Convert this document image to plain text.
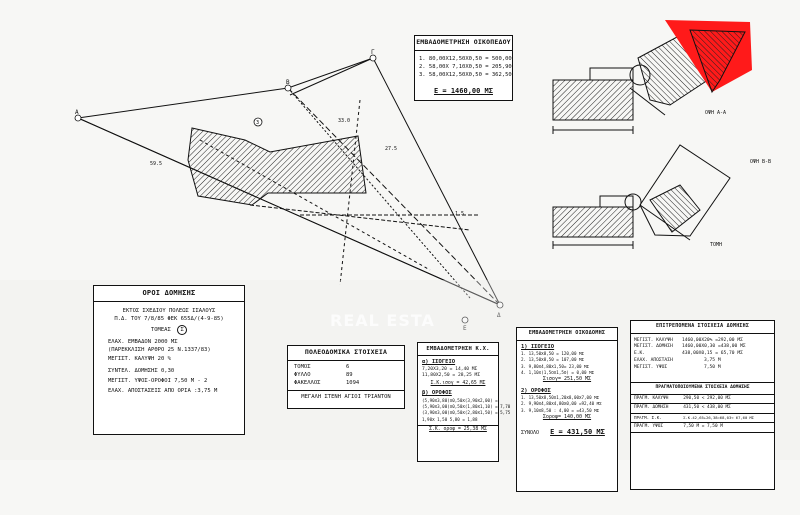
ΟΨΗ Α-Α
ΟΨΗ Β-Β
ΤΟΜΗ
Α
Β
Γ
Δ
Ε
59.5
33.0
27.5
1.5
3
REAL ESTA
ΕΜΒΑΔΟΜΕΤΡΗΣΗ ΟΙΚΟΠΕΔΟΥ
1. 80,00Χ12,50Χ0,50 = 500,00
2. 58,00Χ 7,10Χ0,50 = 205,90
3. 58,00Χ12,50Χ0,50 = 362,50
Ε = 1460,00 ΜΣ
ΟΡΟΙ ΔΟΜΗΣΗΣ
ΕΚΤΟΣ ΣΧΕΔΙΟΥ ΠΟΛΕΩΣ ΙΣΑΛΟΥΣ
Π.Δ. ΤΟΥ 7/8/85 ΦΕΚ 655Δ/(4-9-85)
ΤΟΜΕΑΣ Σ
ΕΛΑΧ. ΕΜΒΑΔΟΝ 2000 ΜΣ
(ΠΑΡΕΚΚΛΙΣΗ ΑΡΘΡΟ 25 Ν.1337/83)
ΜΕΓΙΣΤ. ΚΑΛΥΨΗ 20 %
ΣΥΝΤΕΛ. ΔΟΜΗΣΗΣ 0,30
ΜΕΓΙΣΤ. ΥΨΟΣ-ΟΡΟΦΟΙ 7,50 Μ - 2
ΕΛΑΧ. ΑΠΟΣΤΑΣΕΙΣ ΑΠΟ ΟΡΙΑ :3,75 Μ
ΠΟΛΕΟΔΟΜΙΚΑ ΣΤΟΙΧΕΙΑ
ΤΟΜΟΣ	6
ΦΥΛΛΟ	89
ΦΑΚΕΛΛΟΣ	1094
ΜΕΓΑΛΗ ΣΤΕΝΗ ΑΓΙΟΙ ΤΡΙΑΝΤΟΝ
ΕΜΒΑΔΟΜΕΤΡΗΣΗ Κ.Χ.
α) ΙΣΟΓΕΙΟ
7,20Χ3,20 = 14,40 ΜΣ
11,80Χ2,50 = 28,25 ΜΣ
Σ.Κ.ισογ = 42,65 ΜΣ
β) ΟΡΟΦΟΣ
(5,90Χ3,80)Χ0,50Χ(3,90Χ2,00) =
(5,90Χ3,00)Χ0,50Χ(1,80Χ1,10) = 7,70
(3,90Χ3,00)Χ0,50Χ(2,80Χ1,50) = 5,75
1,90Χ 1,50 5,80 = 1,88
Σ.Κ. ορoφ = 25,38 ΜΣ
ΕΜΒΑΔΟΜΕΤΡΗΣΗ ΟΙΚΟΔΟΜΗΣ
1) ΙΣΟΓΕΙΟ
1. 13,50Χ8,50 = 120,00 ΜΣ
2. 13,50Χ8,50 = 107,00 ΜΣ
3. 9,80Χ4,80Χ1,50= 23,00 ΜΣ
4. 1,10Χ(1,5ΟΧ1,5Ο) = 0,00 ΜΣ
Σισογ= 251,50 ΜΣ
2) ΟΡΟΦΟΣ
1. 13,50Χ8,50Χ1,20Χ8,00Χ7,00 ΜΣ
2. 9,90Χ4,80Χ4,80Χ0,00 =92,40 ΜΣ
3. 9,10Χ8,50 : 4,00 = =43,50 ΜΣ
Σορoφ= 140,00 ΜΣ
ΣΥΝΟΛΟ Ε = 431,50 ΜΣ
ΕΠΙΤΡΕΠΟΜΕΝΑ ΣΤΟΙΧΕΙΑ ΔΟΜΗΣΗΣ
ΜΕΓΙΣΤ. ΚΑΛΥΨΗ 1460,00Χ20% =292,00 ΜΣ
ΜΕΓΙΣΤ. ΔΟΜΗΣΗ 1460,00Χ0,30 =438,00 ΜΣ
Ε.Κ.	438,00Χ0,15 = 65,70 ΜΣ
ΕΛΑΧ. ΑΠΟΣΤΑΣΗ	3,75 Μ
ΜΕΓΙΣΤ. ΥΨΟΣ	7,50 Μ
ΠΡΑΓΜΑΤΟΠΟΙΟΥΜΕΝΑ ΣΤΟΙΧΕΙΑ ΔΟΜΗΣΗΣ
ΠΡΑΓΜ. ΚΑΛΥΨΗ	290,50 < 292,00 ΜΣ
ΠΡΑΓΜ. ΔΟΜΗΣΗ	431,50 < 438,00 ΜΣ
ΠΡΑΓΜ. Σ.Κ.	Σ.Κ.42,65+26,38=68,03< 67,60 ΜΣ
ΠΡΑΓΜ. ΥΨΟΣ	7,50 Μ = 7,50 Μ
